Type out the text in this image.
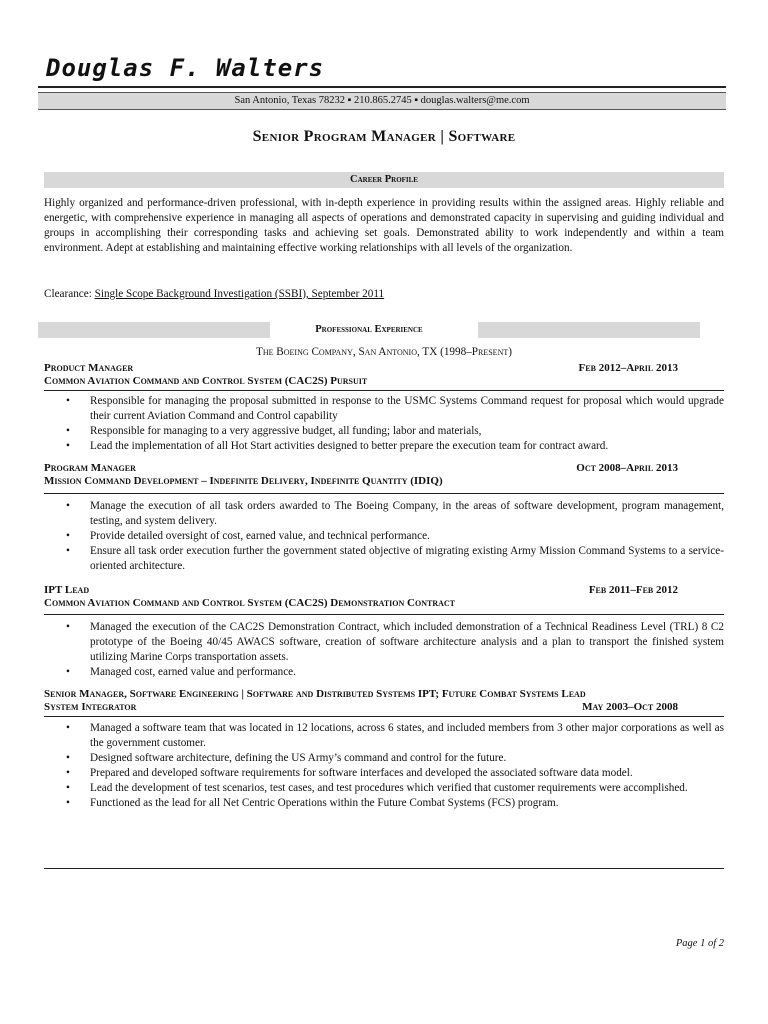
Douglas F. Walters
San Antonio, Texas 78232 ▪ 210.865.2745 ▪ douglas.walters@me.com
Senior Program Manager | Software
Career Profile
Highly organized and performance-driven professional, with in-depth experience in providing results within the assigned areas. Highly reliable and energetic, with comprehensive experience in managing all aspects of operations and demonstrated capacity in supervising and guiding individual and groups in accomplishing their corresponding tasks and achieving set goals. Demonstrated ability to work independently and within a team environment. Adept at establishing and maintaining effective working relationships with all levels of the organization.
Clearance: Single Scope Background Investigation (SSBI), September 2011
Professional Experience
The Boeing Company, San Antonio, TX (1998–Present)
Product Manager	Feb 2012–April 2013
Common Aviation Command and Control System (CAC2S) Pursuit
• Responsible for managing the proposal submitted in response to the USMC Systems Command request for proposal which would upgrade their current Aviation Command and Control capability
• Responsible for managing to a very aggressive budget, all funding; labor and materials,
• Lead the implementation of all Hot Start activities designed to better prepare the execution team for contract award.
Program Manager	Oct 2008–April 2013
Mission Command Development – Indefinite Delivery, Indefinite Quantity (IDIQ)
• Manage the execution of all task orders awarded to The Boeing Company, in the areas of software development, program management, testing, and system delivery.
• Provide detailed oversight of cost, earned value, and technical performance.
• Ensure all task order execution further the government stated objective of migrating existing Army Mission Command Systems to a service-oriented architecture.
IPT Lead	Feb 2011–Feb 2012
Common Aviation Command and Control System (CAC2S) Demonstration Contract
• Managed the execution of the CAC2S Demonstration Contract, which included demonstration of a Technical Readiness Level (TRL) 8 C2 prototype of the Boeing 40/45 AWACS software, creation of software architecture analysis and a plan to transport the finished system utilizing Marine Corps transportation assets.
• Managed cost, earned value and performance.
Senior Manager, Software Engineering | Software and Distributed Systems IPT; Future Combat Systems Lead
System Integrator	May 2003–Oct 2008
• Managed a software team that was located in 12 locations, across 6 states, and included members from 3 other major corporations as well as the government customer.
• Designed software architecture, defining the US Army’s command and control for the future.
• Prepared and developed software requirements for software interfaces and developed the associated software data model.
• Lead the development of test scenarios, test cases, and test procedures which verified that customer requirements were accomplished.
• Functioned as the lead for all Net Centric Operations within the Future Combat Systems (FCS) program.
Page 1 of 2
